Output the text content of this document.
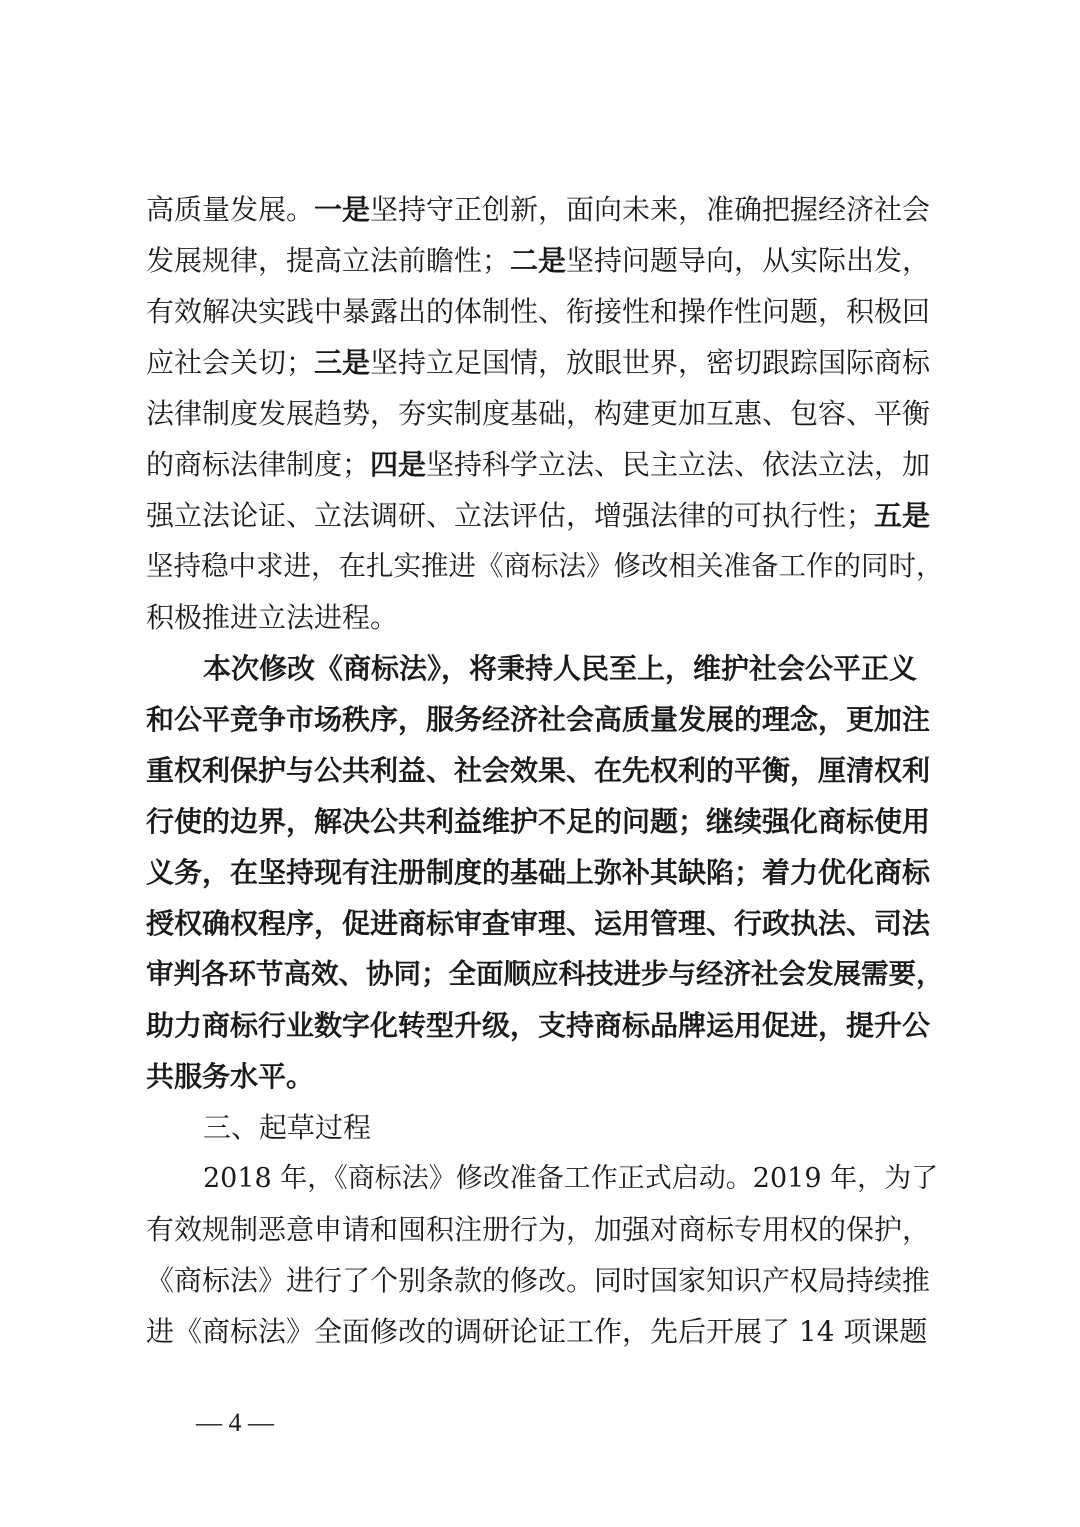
高质量发展。一是坚持守正创新，面向未来，准确把握经济社会
发展规律，提高立法前瞻性；二是坚持问题导向，从实际出发，
有效解决实践中暴露出的体制性、衔接性和操作性问题，积极回
应社会关切；三是坚持立足国情，放眼世界，密切跟踪国际商标
法律制度发展趋势，夯实制度基础，构建更加互惠、包容、平衡
的商标法律制度；四是坚持科学立法、民主立法、依法立法，加
强立法论证、立法调研、立法评估，增强法律的可执行性；五是
坚持稳中求进，在扎实推进《商标法》修改相关准备工作的同时，
积极推进立法进程。
本次修改《商标法》，将秉持人民至上，维护社会公平正义
和公平竞争市场秩序，服务经济社会高质量发展的理念，更加注
重权利保护与公共利益、社会效果、在先权利的平衡，厘清权利
行使的边界，解决公共利益维护不足的问题；继续强化商标使用
义务，在坚持现有注册制度的基础上弥补其缺陷；着力优化商标
授权确权程序，促进商标审查审理、运用管理、行政执法、司法
审判各环节高效、协同；全面顺应科技进步与经济社会发展需要，
助力商标行业数字化转型升级，支持商标品牌运用促进，提升公
共服务水平。
三、起草过程
2018 年，《商标法》修改准备工作正式启动。2019 年，为了
有效规制恶意申请和囤积注册行为，加强对商标专用权的保护，
《商标法》进行了个别条款的修改。同时国家知识产权局持续推
进《商标法》全面修改的调研论证工作，先后开展了 14 项课题
— 4 —
